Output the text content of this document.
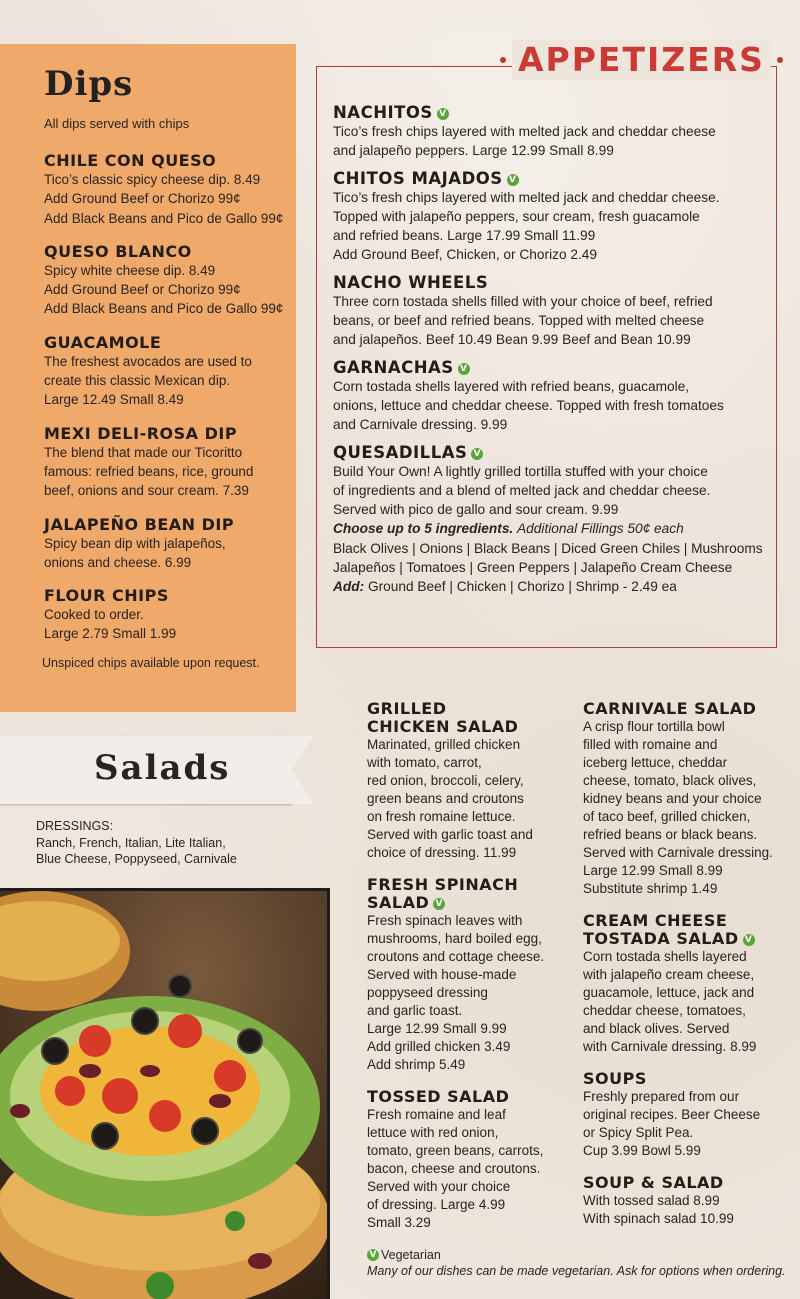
Dips
All dips served with chips
CHILE CON QUESO
Tico’s classic spicy cheese dip. 8.49
Add Ground Beef or Chorizo 99¢
Add Black Beans and Pico de Gallo 99¢
QUESO BLANCO
Spicy white cheese dip. 8.49
Add Ground Beef or Chorizo 99¢
Add Black Beans and Pico de Gallo 99¢
GUACAMOLE
The freshest avocados are used to
create this classic Mexican dip.
Large 12.49 Small 8.49
MEXI DELI-ROSA DIP
The blend that made our Ticoritto
famous: refried beans, rice, ground
beef, onions and sour cream. 7.39
JALAPEÑO BEAN DIP
Spicy bean dip with jalapeños,
onions and cheese. 6.99
FLOUR CHIPS
Cooked to order.
Large 2.79 Small 1.99
Unspiced chips available upon request.
NACHITOS V
Tico’s fresh chips layered with melted jack and cheddar cheese
and jalapeño peppers. Large 12.99 Small 8.99
CHITOS MAJADOS V
Tico’s fresh chips layered with melted jack and cheddar cheese.
Topped with jalapeño peppers, sour cream, fresh guacamole
and refried beans. Large 17.99 Small 11.99
Add Ground Beef, Chicken, or Chorizo 2.49
NACHO WHEELS
Three corn tostada shells filled with your choice of beef, refried
beans, or beef and refried beans. Topped with melted cheese
and jalapeños. Beef 10.49 Bean 9.99 Beef and Bean 10.99
GARNACHAS V
Corn tostada shells layered with refried beans, guacamole,
onions, lettuce and cheddar cheese. Topped with fresh tomatoes
and Carnivale dressing. 9.99
QUESADILLAS V
Build Your Own! A lightly grilled tortilla stuffed with your choice
of ingredients and a blend of melted jack and cheddar cheese.
Served with pico de gallo and sour cream. 9.99
Choose up to 5 ingredients. Additional Fillings 50¢ each
Black Olives | Onions | Black Beans | Diced Green Chiles | Mushrooms
Jalapeños | Tomatoes | Green Peppers | Jalapeño Cream Cheese
Add: Ground Beef | Chicken | Chorizo | Shrimp - 2.49 ea
APPETIZERS
Salads
DRESSINGS:
Ranch, French, Italian, Lite Italian,
Blue Cheese, Poppyseed, Carnivale
GRILLED
CHICKEN SALAD
Marinated, grilled chicken
with tomato, carrot,
red onion, broccoli, celery,
green beans and croutons
on fresh romaine lettuce.
Served with garlic toast and
choice of dressing. 11.99
FRESH SPINACH
SALAD V
Fresh spinach leaves with
mushrooms, hard boiled egg,
croutons and cottage cheese.
Served with house-made
poppyseed dressing
and garlic toast.
Large 12.99 Small 9.99
Add grilled chicken 3.49
Add shrimp 5.49
TOSSED SALAD
Fresh romaine and leaf
lettuce with red onion,
tomato, green beans, carrots,
bacon, cheese and croutons.
Served with your choice
of dressing. Large 4.99
Small 3.29
CARNIVALE SALAD
A crisp flour tortilla bowl
filled with romaine and
iceberg lettuce, cheddar
cheese, tomato, black olives,
kidney beans and your choice
of taco beef, grilled chicken,
refried beans or black beans.
Served with Carnivale dressing.
Large 12.99 Small 8.99
Substitute shrimp 1.49
CREAM CHEESE
TOSTADA SALAD V
Corn tostada shells layered
with jalapeño cream cheese,
guacamole, lettuce, jack and
cheddar cheese, tomatoes,
and black olives. Served
with Carnivale dressing. 8.99
SOUPS
Freshly prepared from our
original recipes. Beer Cheese
or Spicy Split Pea.
Cup 3.99 Bowl 5.99
SOUP & SALAD
With tossed salad 8.99
With spinach salad 10.99
V Vegetarian
Many of our dishes can be made vegetarian. Ask for options when ordering.
